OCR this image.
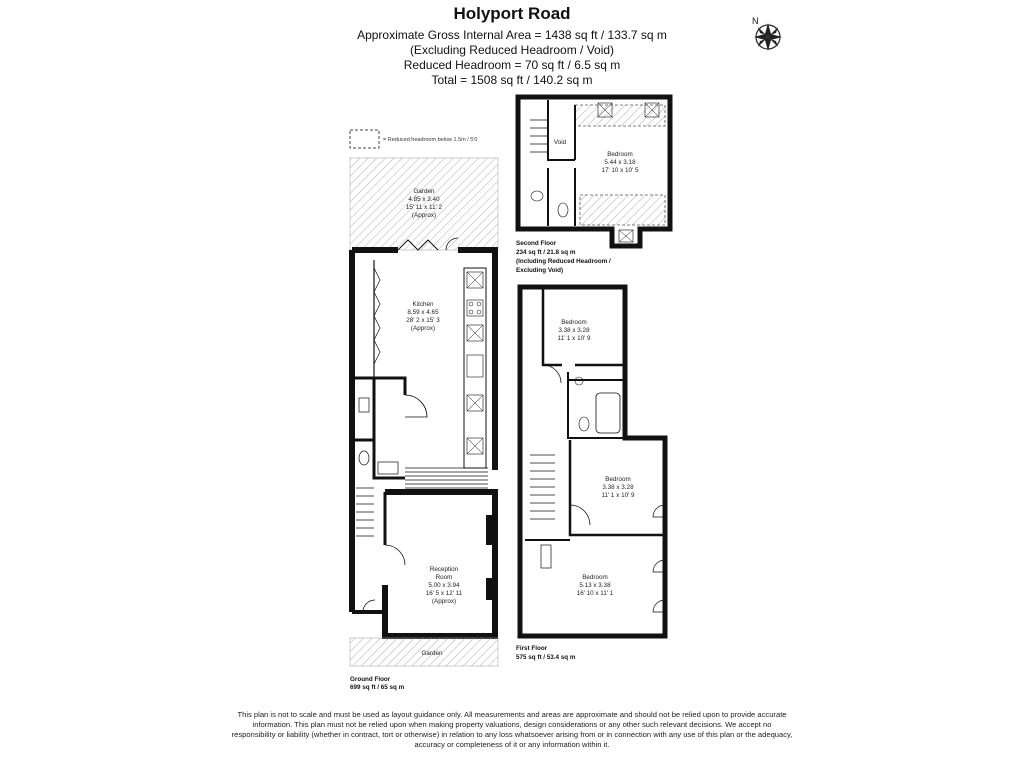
Holyport Road
Approximate Gross Internal Area = 1438 sq ft / 133.7 sq m
(Excluding Reduced Headroom / Void)
Reduced Headroom = 70 sq ft / 6.5 sq m
Total = 1508 sq ft / 140.2 sq m
N
= Reduced headroom below 1.5m / 5'0
Garden
4.85 x 3.40
15' 11 x 11' 2
(Approx)
Kitchen
8.59 x 4.65
28' 2 x 15' 3
(Approx)
Reception
Room
5.00 x 3.94
16' 5 x 12' 11
(Approx)
Garden
Ground Floor
699 sq ft / 65 sq m
Void
Bedroom
5.44 x 3.18
17' 10 x 10' 5
Second Floor
234 sq ft / 21.8 sq m
(Including Reduced Headroom /
Excluding Void)
Bedroom
3.38 x 3.28
11' 1 x 10' 9
Bedroom
3.38 x 3.28
11' 1 x 10' 9
Bedroom
5.13 x 3.38
16' 10 x 11' 1
First Floor
575 sq ft / 53.4 sq m
This plan is not to scale and must be used as layout guidance only. All measurements and areas are approximate and should not be relied upon to provide accurate information. This plan must not be relied upon when making property valuations, design considerations or any other such relevant decisions. We accept no responsibility or liability (whether in contract, tort or otherwise) in relation to any loss whatsoever arising from or in connection with any use of this plan or the adequacy, accuracy or completeness of it or any information within it.
